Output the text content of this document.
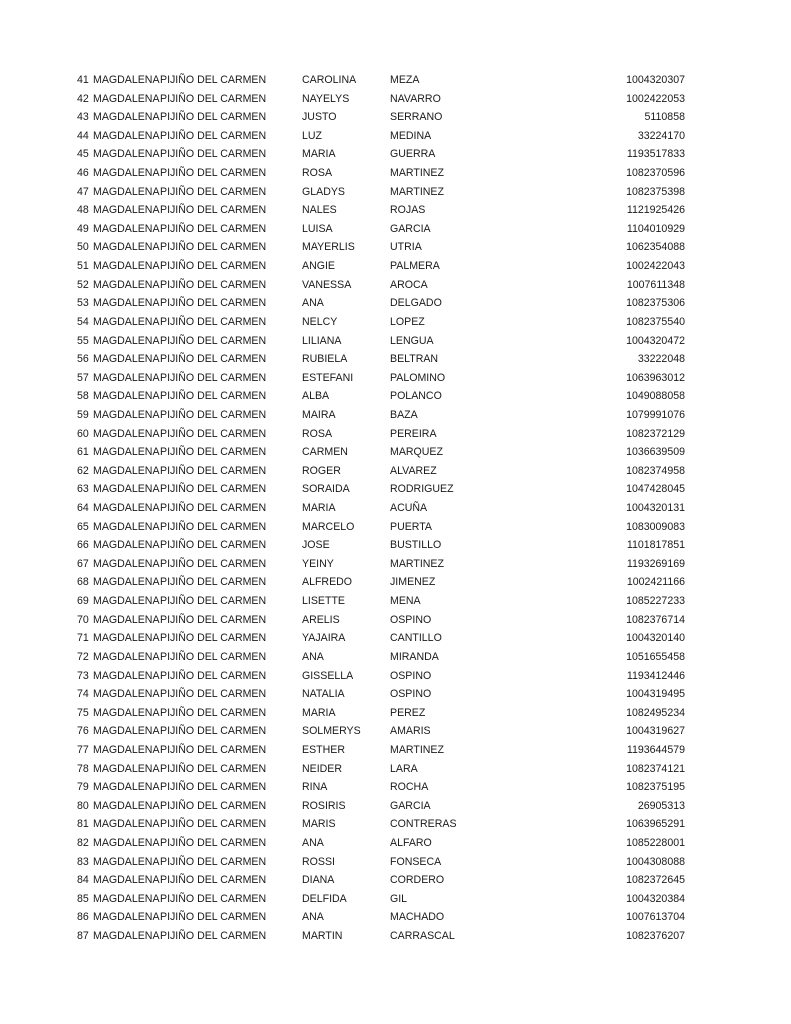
41 MAGDALENA PIJIÑO DEL CARMEN	CAROLINA	MEZA	1004320307
42 MAGDALENA PIJIÑO DEL CARMEN	NAYELYS	NAVARRO	1002422053
43 MAGDALENA PIJIÑO DEL CARMEN	JUSTO	SERRANO	5110858
44 MAGDALENA PIJIÑO DEL CARMEN	LUZ	MEDINA	33224170
45 MAGDALENA PIJIÑO DEL CARMEN	MARIA	GUERRA	1193517833
46 MAGDALENA PIJIÑO DEL CARMEN	ROSA	MARTINEZ	1082370596
47 MAGDALENA PIJIÑO DEL CARMEN	GLADYS	MARTINEZ	1082375398
48 MAGDALENA PIJIÑO DEL CARMEN	NALES	ROJAS	1121925426
49 MAGDALENA PIJIÑO DEL CARMEN	LUISA	GARCIA	1104010929
50 MAGDALENA PIJIÑO DEL CARMEN	MAYERLIS	UTRIA	1062354088
51 MAGDALENA PIJIÑO DEL CARMEN	ANGIE	PALMERA	1002422043
52 MAGDALENA PIJIÑO DEL CARMEN	VANESSA	AROCA	1007611348
53 MAGDALENA PIJIÑO DEL CARMEN	ANA	DELGADO	1082375306
54 MAGDALENA PIJIÑO DEL CARMEN	NELCY	LOPEZ	1082375540
55 MAGDALENA PIJIÑO DEL CARMEN	LILIANA	LENGUA	1004320472
56 MAGDALENA PIJIÑO DEL CARMEN	RUBIELA	BELTRAN	33222048
57 MAGDALENA PIJIÑO DEL CARMEN	ESTEFANI	PALOMINO	1063963012
58 MAGDALENA PIJIÑO DEL CARMEN	ALBA	POLANCO	1049088058
59 MAGDALENA PIJIÑO DEL CARMEN	MAIRA	BAZA	1079991076
60 MAGDALENA PIJIÑO DEL CARMEN	ROSA	PEREIRA	1082372129
61 MAGDALENA PIJIÑO DEL CARMEN	CARMEN	MARQUEZ	1036639509
62 MAGDALENA PIJIÑO DEL CARMEN	ROGER	ALVAREZ	1082374958
63 MAGDALENA PIJIÑO DEL CARMEN	SORAIDA	RODRIGUEZ	1047428045
64 MAGDALENA PIJIÑO DEL CARMEN	MARIA	ACUÑA	1004320131
65 MAGDALENA PIJIÑO DEL CARMEN	MARCELO	PUERTA	1083009083
66 MAGDALENA PIJIÑO DEL CARMEN	JOSE	BUSTILLO	1101817851
67 MAGDALENA PIJIÑO DEL CARMEN	YEINY	MARTINEZ	1193269169
68 MAGDALENA PIJIÑO DEL CARMEN	ALFREDO	JIMENEZ	1002421166
69 MAGDALENA PIJIÑO DEL CARMEN	LISETTE	MENA	1085227233
70 MAGDALENA PIJIÑO DEL CARMEN	ARELIS	OSPINO	1082376714
71 MAGDALENA PIJIÑO DEL CARMEN	YAJAIRA	CANTILLO	1004320140
72 MAGDALENA PIJIÑO DEL CARMEN	ANA	MIRANDA	1051655458
73 MAGDALENA PIJIÑO DEL CARMEN	GISSELLA	OSPINO	1193412446
74 MAGDALENA PIJIÑO DEL CARMEN	NATALIA	OSPINO	1004319495
75 MAGDALENA PIJIÑO DEL CARMEN	MARIA	PEREZ	1082495234
76 MAGDALENA PIJIÑO DEL CARMEN	SOLMERYS	AMARIS	1004319627
77 MAGDALENA PIJIÑO DEL CARMEN	ESTHER	MARTINEZ	1193644579
78 MAGDALENA PIJIÑO DEL CARMEN	NEIDER	LARA	1082374121
79 MAGDALENA PIJIÑO DEL CARMEN	RINA	ROCHA	1082375195
80 MAGDALENA PIJIÑO DEL CARMEN	ROSIRIS	GARCIA	26905313
81 MAGDALENA PIJIÑO DEL CARMEN	MARIS	CONTRERAS	1063965291
82 MAGDALENA PIJIÑO DEL CARMEN	ANA	ALFARO	1085228001
83 MAGDALENA PIJIÑO DEL CARMEN	ROSSI	FONSECA	1004308088
84 MAGDALENA PIJIÑO DEL CARMEN	DIANA	CORDERO	1082372645
85 MAGDALENA PIJIÑO DEL CARMEN	DELFIDA	GIL	1004320384
86 MAGDALENA PIJIÑO DEL CARMEN	ANA	MACHADO	1007613704
87 MAGDALENA PIJIÑO DEL CARMEN	MARTIN	CARRASCAL	1082376207
